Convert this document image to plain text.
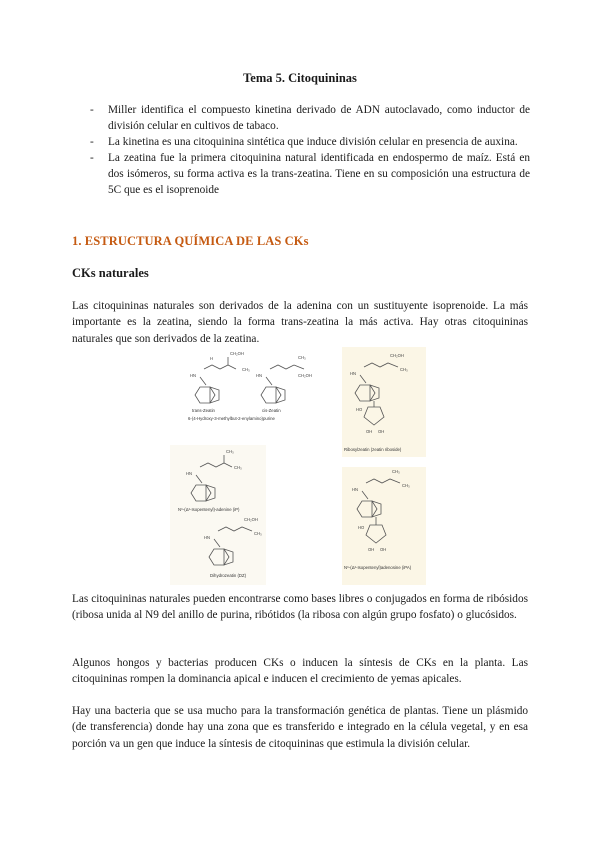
Tema 5. Citoquininas
- Miller identifica el compuesto kinetina derivado de ADN autoclavado, como inductor de división celular en cultivos de tabaco.
- La kinetina es una citoquinina sintética que induce división celular en presencia de auxina.
- La zeatina fue la primera citoquinina natural identificada en endospermo de maíz. Está en dos isómeros, su forma activa es la trans-zeatina. Tiene en su composición una estructura de 5C que es el isoprenoide
1. ESTRUCTURA QUÍMICA DE LAS CKs
CKs naturales

Las citoquininas naturales son derivados de la adenina con un sustituyente isoprenoide. La más importante es la zeatina, siendo la forma trans-zeatina la más activa. Hay otras citoquininas naturales que son derivados de la zeatina.

CH₂OH
CH₃
H
HN
trans-Zeatin
CH₃
CH₂OH
HN
cis-Zeatin
6-(4-Hydroxy-3-methylbut-2-enylamino)purine
CH₂OH
CH₃
HN
HO
OH OH
Ribosylzeatin (zeatin riboside)
CH₃
CH₃
HN
N⁶-(Δ²-Isopentenyl)-adenine (iP)
CH₂OH
CH₃
HN
Dihydrozeatin (DZ)
CH₃
CH₃
HN
HO
OH OH
N⁶-(Δ²-Isopentenyl)adenosine (iPA)

Las citoquininas naturales pueden encontrarse como bases libres o conjugados en forma de ribósidos (ribosa unida al N9 del anillo de purina, ribótidos (la ribosa con algún grupo fosfato) o glucósidos.

Algunos hongos y bacterias producen CKs o inducen la síntesis de CKs en la planta. Las citoquininas rompen la dominancia apical e inducen el crecimiento de yemas apicales.

Hay una bacteria que se usa mucho para la transformación genética de plantas. Tiene un plásmido (de transferencia) donde hay una zona que es transferido e integrado en la célula vegetal, y en esa porción va un gen que induce la síntesis de citoquininas que estimula la división celular.
